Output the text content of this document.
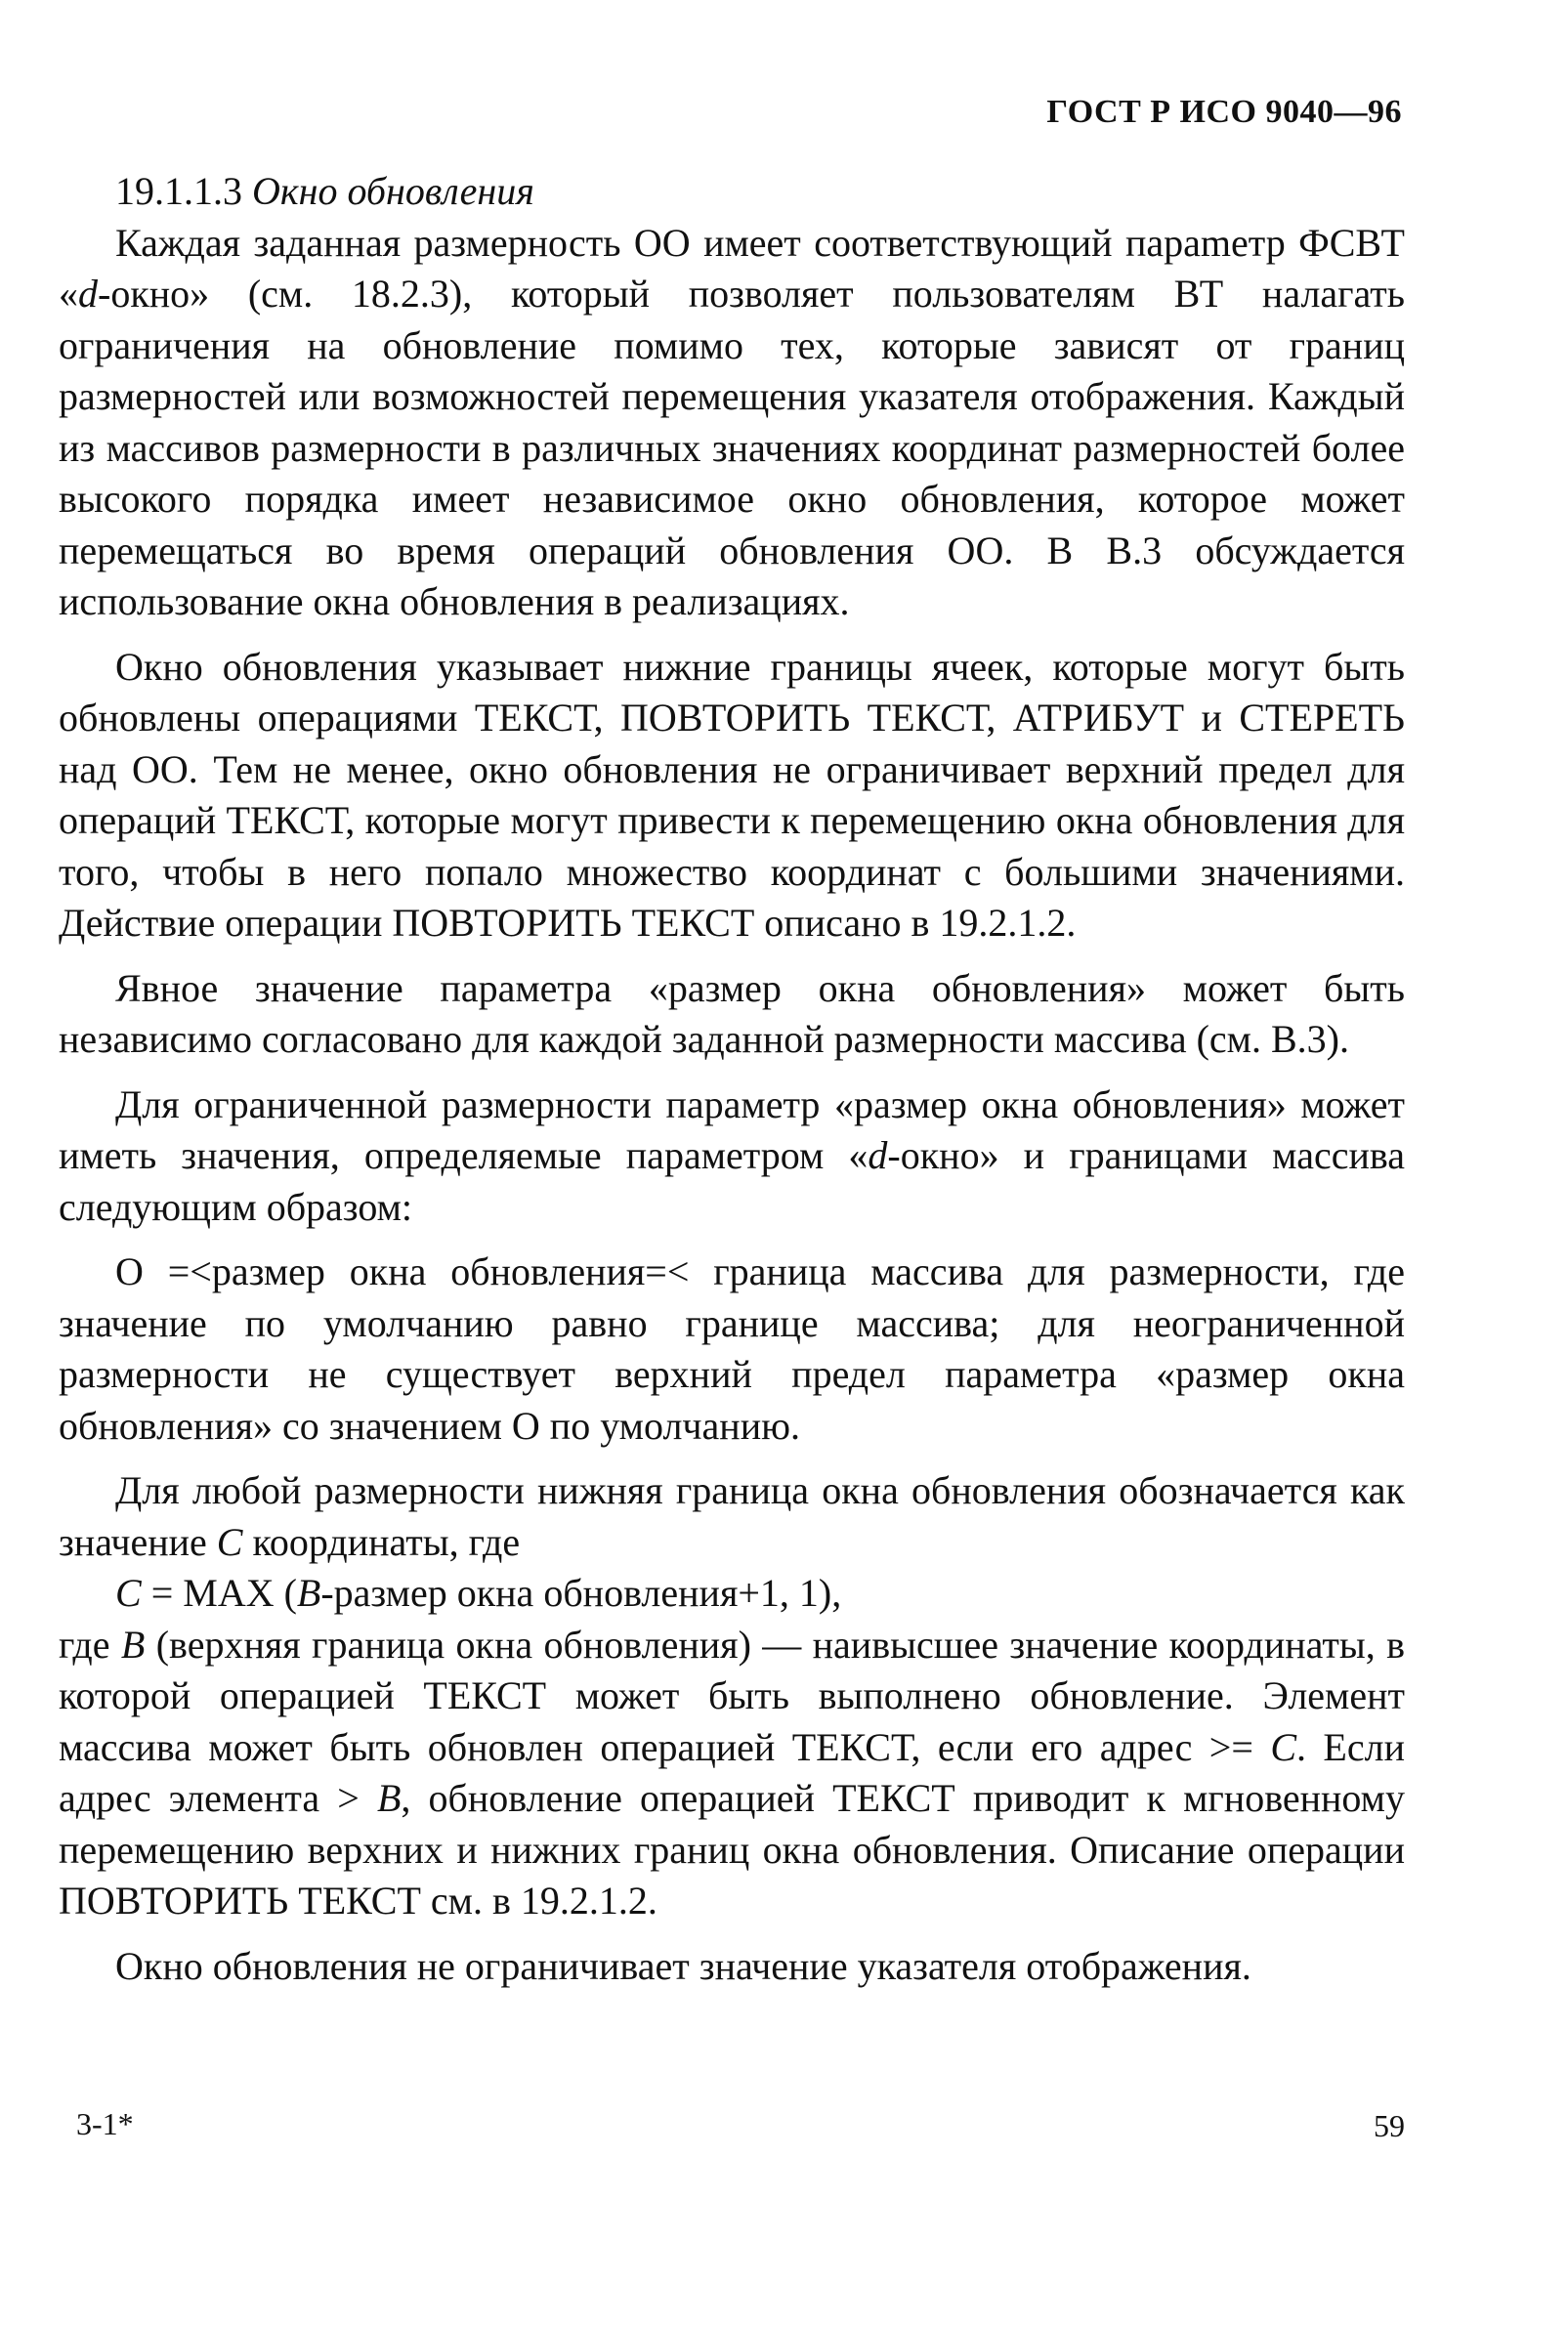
ГОСТ Р ИСО 9040—96

19.1.1.3 Окно обновления

Каждая заданная размерность ОО имеет соответствующий параmетр ФСВТ «d-окно» (см. 18.2.3), который позволяет пользователям ВТ налагать ограничения на обновление помимо тех, которые зависят от границ размерностей или возможностей перемещения указателя отображения. Каждый из массивов размерности в различных значениях координат размерностей более высокого порядка имеет независимое окно обновления, которое может перемещаться во время операций обновления ОО. В В.3 обсуждается использование окна обновления в реализациях.

Окно обновления указывает нижние границы ячеек, которые могут быть обновлены операциями ТЕКСТ, ПОВТОРИТЬ ТЕКСТ, АТРИБУТ и СТЕРЕТЬ над ОО. Тем не менее, окно обновления не ограничивает верхний предел для операций ТЕКСТ, которые могут привести к перемещению окна обновления для того, чтобы в него попало множество координат с большими значениями. Действие операции ПОВТОРИТЬ ТЕКСТ описано в 19.2.1.2.

Явное значение параметра «размер окна обновления» может быть независимо согласовано для каждой заданной размерности массива (см. В.3).

Для ограниченной размерности параметр «размер окна обновления» может иметь значения, определяемые параметром «d-окно» и границами массива следующим образом:

О =<размер окна обновления=< граница массива для размерности, где значение по умолчанию равно границе массива; для неограниченной размерности не существует верхний предел параметра «размер окна обновления» со значением О по умолчанию.

Для любой размерности нижняя граница окна обновления обозначается как значение C координаты, где

C = MAX (B-размер окна обновления+1, 1),

где B (верхняя граница окна обновления) — наивысшее значение координаты, в которой операцией ТЕКСТ может быть выполнено обновление. Элемент массива может быть обновлен операцией ТЕКСТ, если его адрес >= C. Если адрес элемента > B, обновление операцией ТЕКСТ приводит к мгновенному перемещению верхних и нижних границ окна обновления. Описание операции ПОВТОРИТЬ ТЕКСТ см. в 19.2.1.2.

Окно обновления не ограничивает значение указателя отображения.

3-1*	59
